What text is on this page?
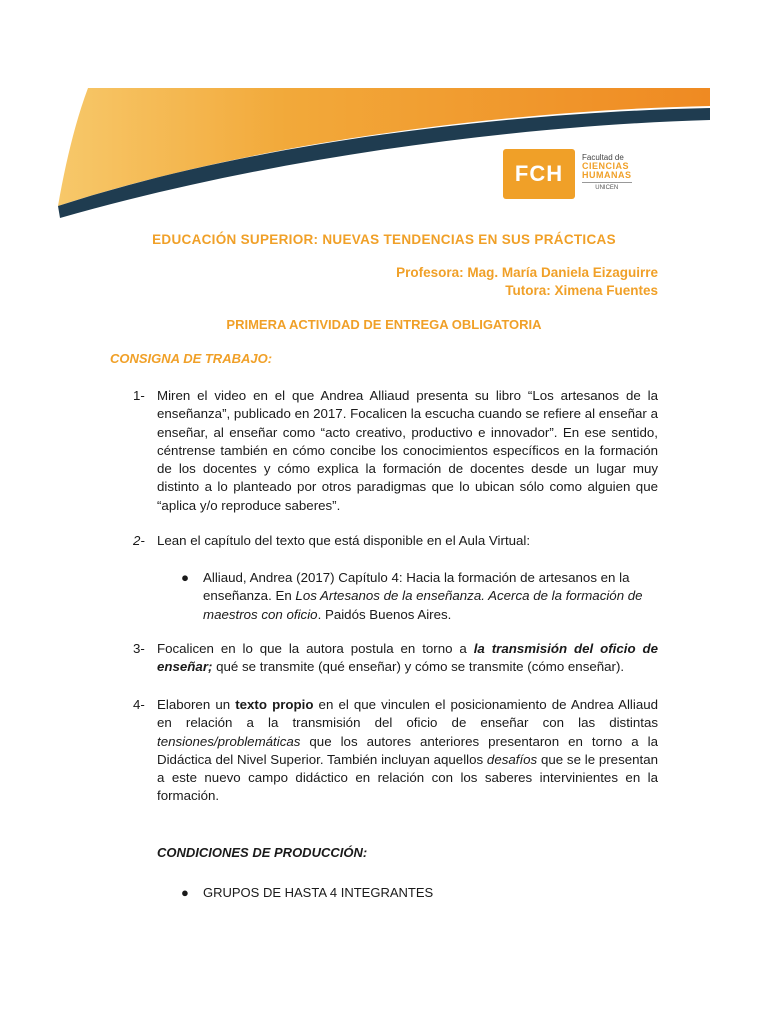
FCH
Facultad de
CIENCIAS
HUMANAS
UNICEN
EDUCACIÓN SUPERIOR: NUEVAS TENDENCIAS EN SUS PRÁCTICAS
Profesora: Mag. María Daniela Eizaguirre
Tutora: Ximena Fuentes
PRIMERA ACTIVIDAD DE ENTREGA OBLIGATORIA
CONSIGNA DE TRABAJO:
1- Miren el video en el que Andrea Alliaud presenta su libro “Los artesanos de la enseñanza”, publicado en 2017. Focalicen la escucha cuando se refiere al enseñar a enseñar, al enseñar como “acto creativo, productivo e innovador”. En ese sentido, céntrense también en cómo concibe los conocimientos específicos en la formación de los docentes y cómo explica la formación de docentes desde un lugar muy distinto a lo planteado por otros paradigmas que lo ubican sólo como alguien que “aplica y/o reproduce saberes”.
2- Lean el capítulo del texto que está disponible en el Aula Virtual:
● Alliaud, Andrea (2017) Capítulo 4: Hacia la formación de artesanos en la enseñanza. En Los Artesanos de la enseñanza. Acerca de la formación de maestros con oficio. Paidós Buenos Aires.
3- Focalicen en lo que la autora postula en torno a la transmisión del oficio de enseñar; qué se transmite (qué enseñar) y cómo se transmite (cómo enseñar).
4- Elaboren un texto propio en el que vinculen el posicionamiento de Andrea Alliaud en relación a la transmisión del oficio de enseñar con las distintas tensiones/problemáticas que los autores anteriores presentaron en torno a la Didáctica del Nivel Superior. También incluyan aquellos desafíos que se le presentan a este nuevo campo didáctico en relación con los saberes intervinientes en la formación.
CONDICIONES DE PRODUCCIÓN:
● GRUPOS DE HASTA 4 INTEGRANTES
